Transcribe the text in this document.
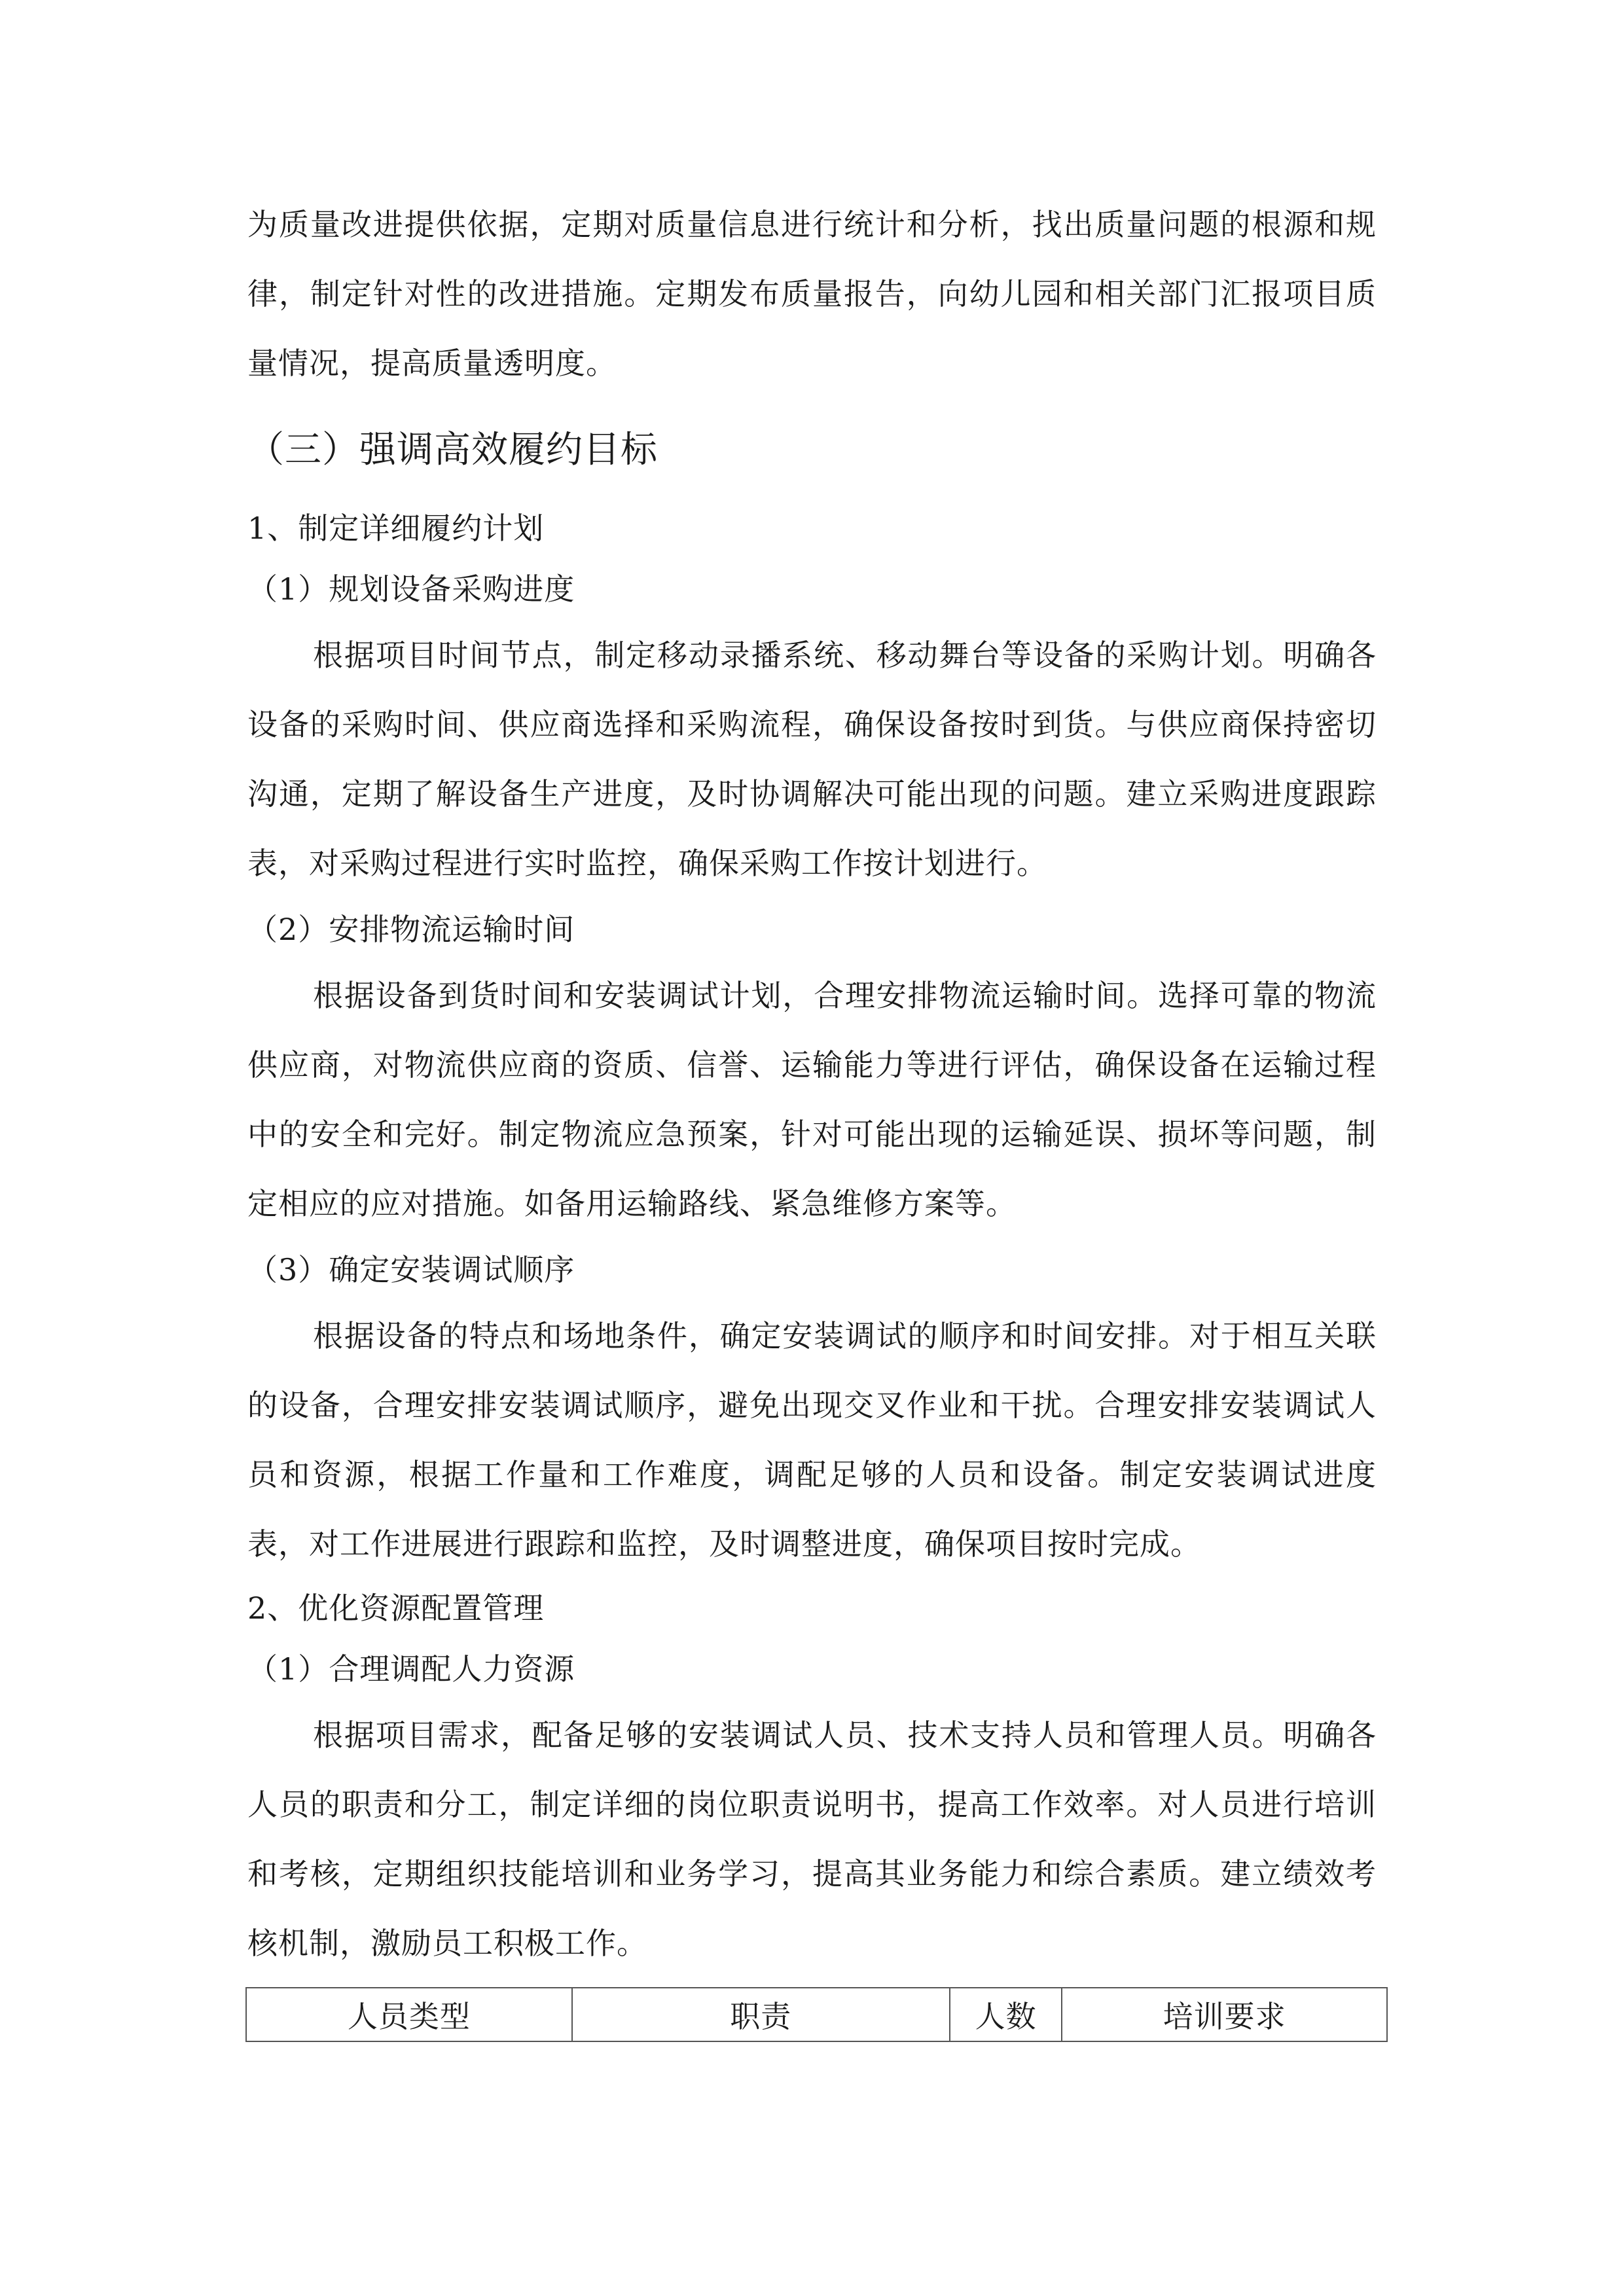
为质量改进提供依据，定期对质量信息进行统计和分析，找出质量问题的根源和规律，制定针对性的改进措施。定期发布质量报告，向幼儿园和相关部门汇报项目质量情况，提高质量透明度。

（三）强调高效履约目标
1、制定详细履约计划
（1）规划设备采购进度

根据项目时间节点，制定移动录播系统、移动舞台等设备的采购计划。明确各设备的采购时间、供应商选择和采购流程，确保设备按时到货。与供应商保持密切沟通，定期了解设备生产进度，及时协调解决可能出现的问题。建立采购进度跟踪表，对采购过程进行实时监控，确保采购工作按计划进行。

（2）安排物流运输时间

根据设备到货时间和安装调试计划，合理安排物流运输时间。选择可靠的物流供应商，对物流供应商的资质、信誉、运输能力等进行评估，确保设备在运输过程中的安全和完好。制定物流应急预案，针对可能出现的运输延误、损坏等问题，制定相应的应对措施。如备用运输路线、紧急维修方案等。

（3）确定安装调试顺序

根据设备的特点和场地条件，确定安装调试的顺序和时间安排。对于相互关联的设备，合理安排安装调试顺序，避免出现交叉作业和干扰。合理安排安装调试人员和资源，根据工作量和工作难度，调配足够的人员和设备。制定安装调试进度表，对工作进展进行跟踪和监控，及时调整进度，确保项目按时完成。

2、优化资源配置管理
（1）合理调配人力资源

根据项目需求，配备足够的安装调试人员、技术支持人员和管理人员。明确各人员的职责和分工，制定详细的岗位职责说明书，提高工作效率。对人员进行培训和考核，定期组织技能培训和业务学习，提高其业务能力和综合素质。建立绩效考核机制，激励员工积极工作。

人员类型	职责	人数	培训要求
